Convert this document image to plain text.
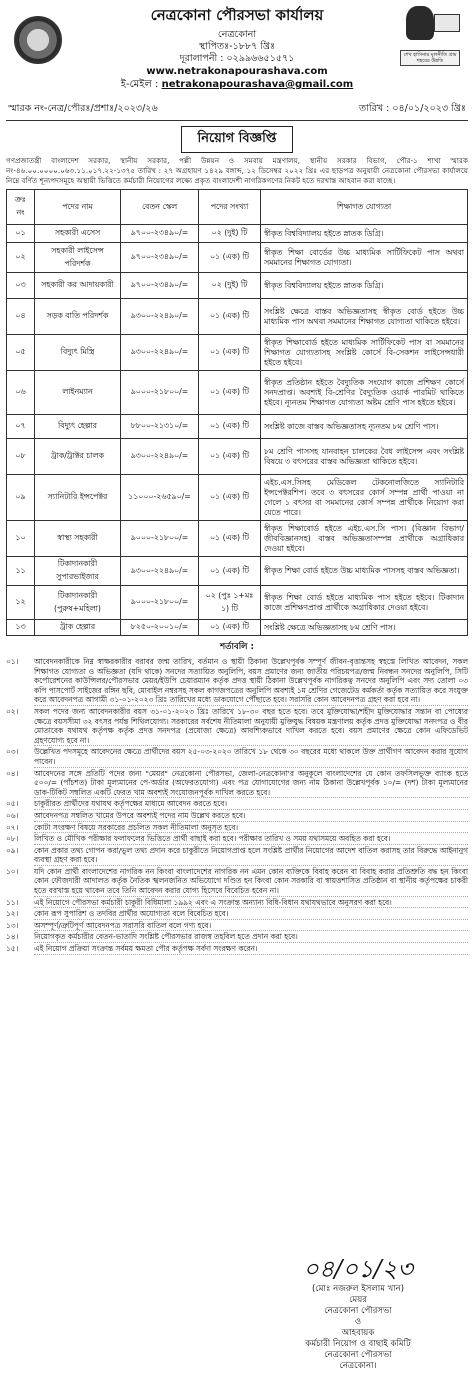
শেখ হাসিনার মূলনীতি গ্রাম শহরের উন্নতি
নেত্রকোনা পৌরসভা কার্যালয়
নেত্রকোনা
স্থাপিতঃ-১৮৮৭ খ্রিঃ
দূরালাপনী : ০২৯৯৬৬৫১৫৭১
www.netrakonapourashava.com
ই-মেইল : netrakonapourashava@gmail.com
স্মারক নং-নেত্র/পৌরঃ/প্রশাঃ/২০২৩/২৬	তারিখ : ০৪/০১/২০২৩ খ্রিঃ
নিয়োগ বিজ্ঞপ্তি
গণপ্রজাতন্ত্রী বাংলাদেশ সরকার, স্থানীয় সরকার, পল্লী উন্নয়ন ও সমবায় মন্ত্রণালয়, স্থানীয় সরকার বিভাগ, পৌর-১ শাখা স্মারক নং-৪৬.০০.০০০০.০৬৩.১১.০১৭.২২-১৩৭৫ তারিখ : ২৭ অগ্রহায়ণ ১৪২৯ বঙ্গাব্দ, ১২ ডিসেম্বর ২০২২ খ্রিঃ এর ছাড়পত্র অনুযায়ী নেত্রকোনা পৌরসভা কার্যালয়ে নিম্নে বর্ণিত শূন্যপদসমূহে অস্থায়ী ভিত্তিতে কর্মচারী নিয়োগের লক্ষ্যে প্রকৃত বাংলাদেশী নাগরিকগণের নিকট হতে দরখাস্ত আহবান করা যাচ্ছে।
ক্রঃ নং	পদের নাম	বেতন স্কেল	পদের সংখ্যা	শিক্ষাগত যোগ্যতা
০১	সহকারী এসেস	৯৭০০-২৩৪৯০/=	০২ (দুই) টি	স্বীকৃত বিশ্ববিদ্যালয় হইতে স্নাতক ডিগ্রি।
০২	সহকারী লাইসেন্স পরিদর্শক	৯৭০০-২৩৪৯০/=	০১ (এক) টি	স্বীকৃত শিক্ষা বোর্ডের উচ্চ মাধ্যমিক সার্টিফিকেট পাস অথবা সমমানের শিক্ষাগত যোগ্যতা।
০৩	সহকারী কর আদায়কারী	৯৭০০-২৩৪৯০/=	০২ (দুই) টি	স্বীকৃত বিশ্ববিদ্যালয় হইতে স্নাতক ডিগ্রি।
০৪	সড়ক বাতি পরিদর্শক	৯৩০০-২২৪৯০/=	০১ (এক) টি	সংশ্লিষ্ট ক্ষেত্রে বাস্তব অভিজ্ঞতাসহ স্বীকৃত বোর্ড হইতে উচ্চ মাধ্যমিক পাস অথবা সমমানের শিক্ষাগত যোগ্যতা থাকিতে হইবে।
০৫	বিদ্যুৎ মিস্ত্রি	৯৩০০-২২৪৯০/=	০১ (এক) টি	স্বীকৃত শিক্ষাবোর্ড হইতে মাধ্যমিক সার্টিফিকেট পাস বা সমমানের শিক্ষাগত যোগ্যতাসহ সংশ্লিষ্ট কোর্সে বি-সেকশন লাইসেন্সধারী হইতে হইবে।
০৬	লাইনম্যান	৯০০০-২১৮০০/=	০১ (এক) টি	স্বীকৃত প্রতিষ্ঠান হইতে বৈদ্যুতিক সংযোগ কাজে প্রশিক্ষণ কোর্সে সনদপ্রাপ্ত। অবশ্যই বি-শ্রেণির বৈদ্যুতিক ওয়ার্ক পারমিট থাকিতে হইবে। ন্যূনতম শিক্ষাগত যোগ্যতা অষ্টম শ্রেণি পাস হইতে হইবে।
০৭	বিদ্যুৎ হেল্পার	৮৮০০-২১৩১০/=	০১ (এক) টি	সংশ্লিষ্ট কাজে বাস্তব অভিজ্ঞতাসহ ন্যূনতম ৮ম শ্রেণি পাস।
০৮	ট্রাক/ট্রাক্টর চালক	৯৩০০-২২৪৯০/=	০১ (এক) টি	৮ম শ্রেণি পাসসহ যানবাহন চালকের বৈধ লাইসেন্স এবং সংশ্লিষ্ট বিষয়ে ৩ বৎসরের বাস্তব অভিজ্ঞতা থাকিতে হইবে।
০৯	স্যানিটারি ইন্সপেক্টর	১১০০০-২৬৫৯০/=	০১ (এক) টি	এইচ.এস.সিসহ মেডিকেল টেকনোলজিতে স্যানিটারি ইন্সপেক্টরশিপ। তবে ৩ বৎসরের কোর্স সম্পন্ন প্রার্থী পাওয়া না গেলে ১ বৎসর বা সমমানের কোর্স সম্পন্ন প্রার্থীকে নিয়োগ করা যেতে পারে।
১০	স্বাস্থ্য সহকারী	৯০০০-২১৮০০/=	০১ (এক) টি	স্বীকৃত শিক্ষাবোর্ড হইতে এইচ.এস.সি পাস। (বিজ্ঞান বিভাগ/জীববিজ্ঞানসহ) বাস্তব অভিজ্ঞতাসম্পন্ন প্রার্থীকে অগ্রাধিকার দেওয়া হইবে।
১১	টিকাদানকারী সুপারভাইজার	৯৩০০-২২৪৯০/=	০১ (এক) টি	স্বীকৃত শিক্ষা বোর্ড হইতে উচ্চ মাধ্যমিক পাসসহ বাস্তব অভিজ্ঞতা।
১২	টিকাদানকারী (পুরুষ+মহিলা)	৯০০০-২১৮০০/=	০২ (পুঃ ১+মঃ ১) টি	স্বীকৃত শিক্ষা বোর্ড হইতে মাধ্যমিক পাস হইতে হইবে। টিকাদান কাজে প্রশিক্ষণপ্রাপ্ত প্রার্থীকে অগ্রাধিকার দেওয়া হইবে।
১৩	ট্রাক হেল্পার	৮২৫০-২০০১০/=	০১ (এক) টি	সংশ্লিষ্ট ক্ষেত্রে অভিজ্ঞতাসহ ৮ম শ্রেণি পাস।
শর্তাবলি :
০১।	আবেদনকারীকে নিম্ন স্বাক্ষরকারীর বরাবর জন্ম তারিখ, বর্তমান ও স্থায়ী ঠিকানা উল্লেখপূর্বক সম্পূর্ণ জীবন-বৃত্তান্তসহ স্বহস্তে লিখিত আবেদন, সকল শিক্ষাগত যোগ্যতা ও অভিজ্ঞতা (যদি থাকে) সনদের সত্যায়িত অনুলিপি, বয়স প্রমাণের জন্য জাতীয় পরিচয়পত্র/জন্ম নিবন্ধন সনদের অনুলিপি, সিটি কর্পোরেশনের কাউন্সিলর/পৌরসভার মেয়র/ইউপি চেয়ারম্যান কর্তৃক প্রদত্ত স্থায়ী ঠিকানা উল্লেখপূর্বক নাগরিকত্ব সনদের অনুলিপি এবং সদ্য তোলা ০৩ কপি পাসপোর্ট সাইজের রঙ্গিন ছবি, মোবাইল নম্বরসহ সকল কাগজপত্রের অনুলিপি অবশ্যই ১ম শ্রেণির গেজেটেড কর্মকর্তা কর্তৃক সত্যায়িত করে সংযুক্ত করে আবেদনপত্র আগামী ৩১-০১-২০২৩ খ্রিঃ তারিখের মধ্যে ডাকযোগে পৌঁছাতে হবে। সরাসরি কোন আবেদনপত্র গ্রহণ করা হবে না।
০২।	সকল পদের জন্য আবেদনকারীর বয়স ৩১-০১-২০২৩ খ্রিঃ তারিখে ১৮-৩০ বছর হতে হবে। তবে মুক্তিযোদ্ধা/শহীদ মুক্তিযোদ্ধার সন্তান বা পোষ্যের ক্ষেত্রে বয়সসীমা ৩২ বৎসর পর্যন্ত শিথিলযোগ্য। সরকারের সর্বশেষ নীতিমালা অনুযায়ী মুক্তিযুদ্ধ বিষয়ক মন্ত্রণালয় কর্তৃক প্রদত্ত মুক্তিযোদ্ধা সনদপত্র ও বীর মোতাবেক যথাযথ কর্তৃপক্ষ কর্তৃক প্রদত্ত সনদপত্র (প্রযোজ্য ক্ষেত্রে) আবশ্যিকভাবে দাখিল করতে হবে। বয়স প্রমাণের ক্ষেত্রে কোন এফিডেভিট গ্রহণযোগ্য হবে না।
০৩।	উল্লেখিত পদসমূহে আবেদনের ক্ষেত্রে প্রার্থীদের বয়স ২৫-০৩-২০২০ তারিখে ১৮ থেকে ৩০ বছরের মধ্যে থাকলে উক্ত প্রার্থীগণ আবেদন করার সুযোগ পাবেন।
০৪।	আবেদনের সঙ্গে প্রতিটি পদের জন্য "মেয়র" নেত্রকোনা পৌরসভা, জেলা-নেত্রকোনা'র অনুকূলে বাংলাদেশের যে কোন তফসিলভুক্ত ব্যাংক হতে ৫০০/= (পাঁচশত) টাকা মূল্যমানের পে-অর্ডার (অফেরতযোগ্য) এবং পত্র যোগাযোগের জন্য নাম ঠিকানা উল্লেখপূর্বক ১০/= (দশ) টাকা মূল্যমানের ডাক-টিকিট সম্বলিত একটি ফেরত খাম অবশ্যই সংযোজনপূর্বক দাখিল করতে হবে।
০৫।	চাকুরীরত প্রার্থীদের যথাযথ কর্তৃপক্ষের মাধ্যমে আবেদন করতে হবে।
০৬।	আবেদনপত্র সম্বলিত খামের উপরে অবশ্যই পদের নাম উল্লেখ করতে হবে।
০৭।	কোটা সংরক্ষণ বিষয়ে সরকারের প্রচলিত সকল নীতিমালা অনুসৃত হবে।
০৮।	লিখিত ও মৌখিক পরীক্ষার ফলাফলের ভিত্তিতে প্রার্থী বাছাই করা হবে। পরীক্ষার তারিখ ও সময় যথাসময়ে অবহিত করা হবে।
০৯।	কোন প্রকার তথ্য গোপন করা/ভুল তথ্য প্রদান করে চাকুরীতে নিয়োগপ্রাপ্ত হলে সংশ্লিষ্ট প্রার্থীর নিয়োগের আদেশ বাতিল করাসহ তার বিরুদ্ধে আইনানুগ ব্যবস্থা গ্রহণ করা হবে।
১০।	যদি কোন প্রার্থী বাংলাদেশের নাগরিক নন কিংবা বাংলাদেশের নাগরিক নন এমন কোন ব্যক্তিকে বিবাহ করেন বা বিবাহ করার প্রতিশ্রুতি বদ্ধ হন কিংবা কোন ফৌজদারী আদালত কর্তৃক নৈতিক স্খলনজনিত অভিযোগে দণ্ডিত হন কিংবা কোন সরকারি বা স্বায়ত্তশাসিত প্রতিষ্ঠান বা স্থানীয় কর্তৃপক্ষের চাকরী হতে বরখাস্ত হয়ে থাকেন তবে তিনি আবেদন করার যোগ্য হিসেবে বিবেচিত হবেন না।
১১।	এই নিয়োগে পৌরসভা কর্মচারী চাকুরী বিধিমালা ১৯৯২ এবং এ সংক্রান্ত অন্যান্য বিধি-বিধান যথাযথভাবে অনুসরণ করা হবে।
১২।	কোন রূপ সুপারিশ ও তদবির প্রার্থীর অযোগ্যতা বলে বিবেচিত হবে।
১৩।	অসম্পূর্ণ/ত্রুটিপূর্ণ আবেদনপত্র সরাসরি বাতিল বলে গণ্য হবে।
১৪।	নিয়োগকৃত কর্মচারীর বেতন-ভাতাদি সংশ্লিষ্ট পৌরসভার রাজস্ব তহবিল হতে প্রদান করা হবে।
১৫।	এই নিয়োগ প্রক্রিয়া সংক্রান্ত সর্বময় ক্ষমতা পৌর কর্তৃপক্ষ সর্বদা সংরক্ষণ করেন।
০৪/০১/২৩
(মোঃ নজরুল ইসলাম খান)
মেয়র
নেত্রকোনা পৌরসভা
ও
আহবায়ক
কর্মচারী নিয়োগ ও বাছাই কমিটি
নেত্রকোনা পৌরসভা
নেত্রকোনা।
